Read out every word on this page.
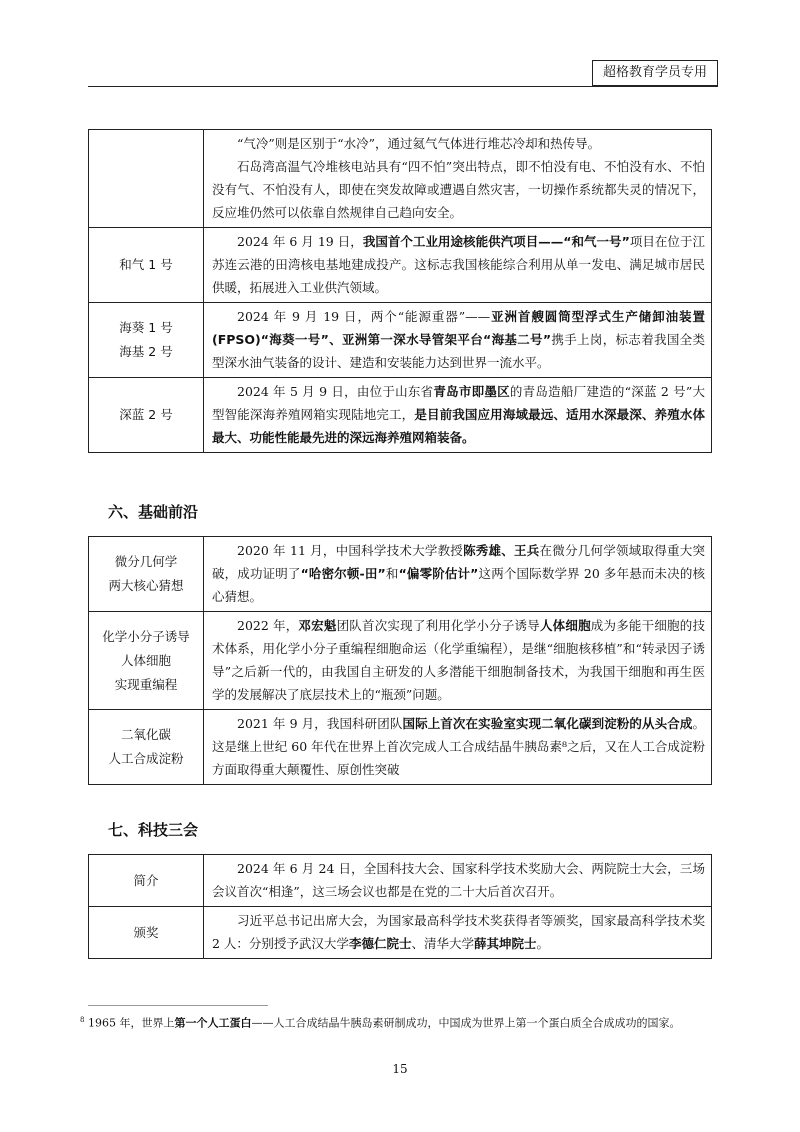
超格教育学员专用

	“气冷”则是区别于“水冷”，通过氦气气体进行堆芯冷却和热传导。

石岛湾高温气冷堆核电站具有“四不怕”突出特点，即不怕没有电、不怕没有水、不怕没有气、不怕没有人，即使在突发故障或遭遇自然灾害，一切操作系统都失灵的情况下，反应堆仍然可以依靠自然规律自己趋向安全。

和气 1 号	2024 年 6 月 19 日，我国首个工业用途核能供汽项目——“和气一号”项目在位于江苏连云港的田湾核电基地建成投产。这标志我国核能综合利用从单一发电、满足城市居民供暖，拓展进入工业供汽领域。

海葵 1 号
海基 2 号	2024 年 9 月 19 日，两个“能源重器”——亚洲首艘圆筒型浮式生产储卸油装置(FPSO)“海葵一号”、亚洲第一深水导管架平台“海基二号”携手上岗，标志着我国全类型深水油气装备的设计、建造和安装能力达到世界一流水平。

深蓝 2 号	2024 年 5 月 9 日，由位于山东省青岛市即墨区的青岛造船厂建造的“深蓝 2 号”大型智能深海养殖网箱实现陆地完工，是目前我国应用海域最远、适用水深最深、养殖水体最大、功能性能最先进的深远海养殖网箱装备。

六、基础前沿
微分几何学
两大核心猜想	2020 年 11 月，中国科学技术大学教授陈秀雄、王兵在微分几何学领域取得重大突破，成功证明了“哈密尔顿-田”和“偏零阶估计”这两个国际数学界 20 多年悬而未决的核心猜想。

化学小分子诱导
人体细胞
实现重编程	2022 年，邓宏魁团队首次实现了利用化学小分子诱导人体细胞成为多能干细胞的技术体系，用化学小分子重编程细胞命运（化学重编程），是继“细胞核移植”和“转录因子诱导”之后新一代的，由我国自主研发的人多潜能干细胞制备技术，为我国干细胞和再生医学的发展解决了底层技术上的“瓶颈”问题。

二氧化碳
人工合成淀粉	2021 年 9 月，我国科研团队国际上首次在实验室实现二氧化碳到淀粉的从头合成。这是继上世纪 60 年代在世界上首次完成人工合成结晶牛胰岛素⁸之后，又在人工合成淀粉方面取得重大颠覆性、原创性突破

七、科技三会
简介	2024 年 6 月 24 日，全国科技大会、国家科学技术奖励大会、两院院士大会，三场会议首次“相逢”，这三场会议也都是在党的二十大后首次召开。

颁奖	习近平总书记出席大会，为国家最高科学技术奖获得者等颁奖，国家最高科学技术奖 2 人：分别授予武汉大学李德仁院士、清华大学薛其坤院士。

$^8$ 1965 年，世界上第一个人工蛋白——人工合成结晶牛胰岛素研制成功，中国成为世界上第一个蛋白质全合成成功的国家。
15
